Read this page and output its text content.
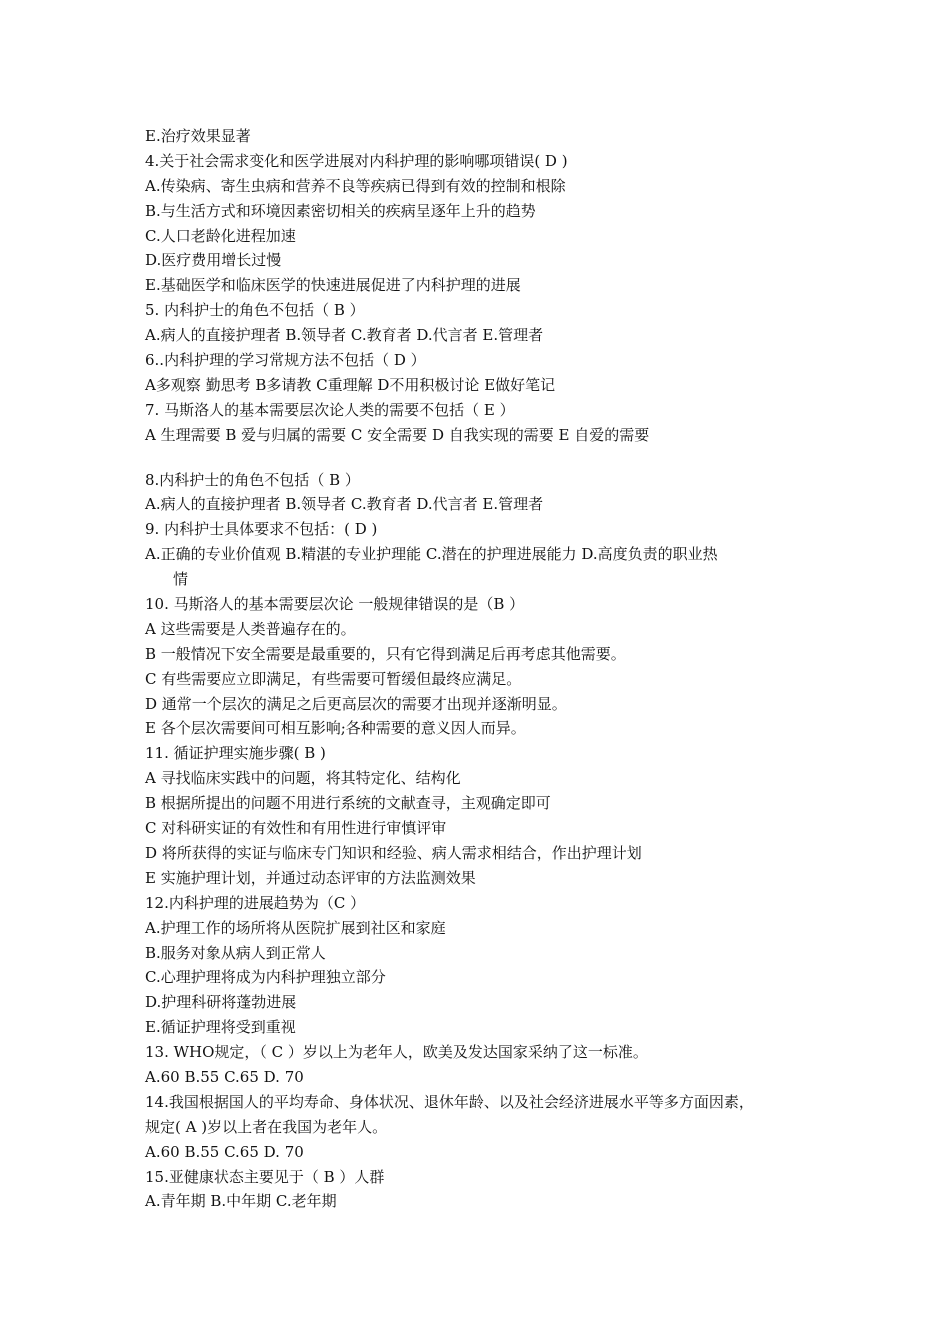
E.治疗效果显著
4.关于社会需求变化和医学进展对内科护理的影响哪项错误( D )
A.传染病、寄生虫病和营养不良等疾病已得到有效的控制和根除
B.与生活方式和环境因素密切相关的疾病呈逐年上升的趋势
C.人口老龄化进程加速
D.医疗费用增长过慢
E.基础医学和临床医学的快速进展促进了内科护理的进展
5. 内科护士的角色不包括（ B ）
A.病人的直接护理者 B.领导者 C.教育者 D.代言者 E.管理者
6..内科护理的学习常规方法不包括（ D ）
A多观察 勤思考 B多请教 C重理解 D不用积极讨论 E做好笔记
7. 马斯洛人的基本需要层次论人类的需要不包括（ E ）
A 生理需要 B 爱与归属的需要 C 安全需要 D 自我实现的需要 E 自爱的需要
8.内科护士的角色不包括（ B ）
A.病人的直接护理者 B.领导者 C.教育者 D.代言者 E.管理者
9. 内科护士具体要求不包括：( D )
A.正确的专业价值观 B.精湛的专业护理能 C.潜在的护理进展能力 D.高度负责的职业热
情
10. 马斯洛人的基本需要层次论 一般规律错误的是（B ）
A 这些需要是人类普遍存在的。
B 一般情况下安全需要是最重要的，只有它得到满足后再考虑其他需要。
C 有些需要应立即满足，有些需要可暂缓但最终应满足。
D 通常一个层次的满足之后更高层次的需要才出现并逐渐明显。
E 各个层次需要间可相互影响;各种需要的意义因人而异。
11. 循证护理实施步骤( B )
A 寻找临床实践中的问题，将其特定化、结构化
B 根据所提出的问题不用进行系统的文献查寻，主观确定即可
C 对科研实证的有效性和有用性进行审慎评审
D 将所获得的实证与临床专门知识和经验、病人需求相结合，作出护理计划
E 实施护理计划，并通过动态评审的方法监测效果
12.内科护理的进展趋势为（C ）
A.护理工作的场所将从医院扩展到社区和家庭
B.服务对象从病人到正常人
C.心理护理将成为内科护理独立部分
D.护理科研将蓬勃进展
E.循证护理将受到重视
13. WHO规定，（ C ）岁以上为老年人，欧美及发达国家采纳了这一标准。
A.60 B.55 C.65 D. 70
14.我国根据国人的平均寿命、身体状况、退休年龄、以及社会经济进展水平等多方面因素，
规定( A )岁以上者在我国为老年人。
A.60 B.55 C.65 D. 70
15.亚健康状态主要见于（ B ）人群
A.青年期 B.中年期 C.老年期
